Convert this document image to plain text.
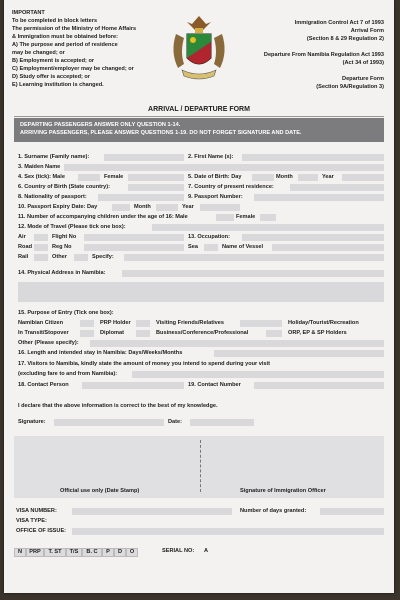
IMPORTANT
To be completed in block letters
The permission of the Ministry of Home Affairs
& Immigration must be obtained before:
A) The purpose and period of residence
may be changed; or
B) Employment is accepted; or
C) Employment/employer may be changed; or
D) Study offer is accepted; or
E) Learning institution is changed.
Immigration Control Act 7 of 1993
Arrival Form
(Section 8 & 29 Regulation 2)
Departure From Namibia Regulation Act 1993
(Act 34 of 1993)
Departure Form
(Section 9A/Regulation 3)
ARRIVAL / DEPARTURE FORM
DEPARTING PASSENGERS ANSWER ONLY QUESTION 1-14.
ARRIVING PASSENGERS, PLEASE ANSWER QUESTIONS 1-19. DO NOT FORGET SIGNATURE AND DATE.
1. Surname (Family name):	2. First Name (s):
3. Maiden Name
4. Sex (tick): Male	Female	5. Date of Birth: Day	Month	Year
6. Country of Birth (State country):	7. Country of present residence:
8. Nationality of passport:	9. Passport Number:
10. Passport Expiry Date: Day	Month	Year
11. Number of accompanying children under the age of 16: Male	Female
12. Mode of Travel (Please tick one box):
Air	Flight No	13. Occupation:
Road	Reg No	Sea	Name of Vessel
Rail	Other	Specify:
14. Physical Address in Namibia:
15. Purpose of Entry (Tick one box):
Namibian Citizen	PRP Holder	Visiting Friends/Relatives	Holiday/Tourist/Recreation
In Transit/Stopover	Diplomat	Business/Conference/Professional	ORP, EP & SP Holders
Other (Please specify):
16. Length and intended stay in Namibia: Days/Weeks/Months
17. Visitors to Namibia, kindly state the amount of money you intend to spend during your visit
(excluding fare to and from Namibia):
18. Contact Person	19. Contact Number
I declare that the above information is correct to the best of my knowledge.
Signature:	Date:
Official use only (Date Stamp)	Signature of Immigration Officer
VISA NUMBER:	Number of days granted:
VISA TYPE:
OFFICE OF ISSUE:
N	PRP	T. ST	T/S	B. C	P	D	O	SERIAL NO: A
